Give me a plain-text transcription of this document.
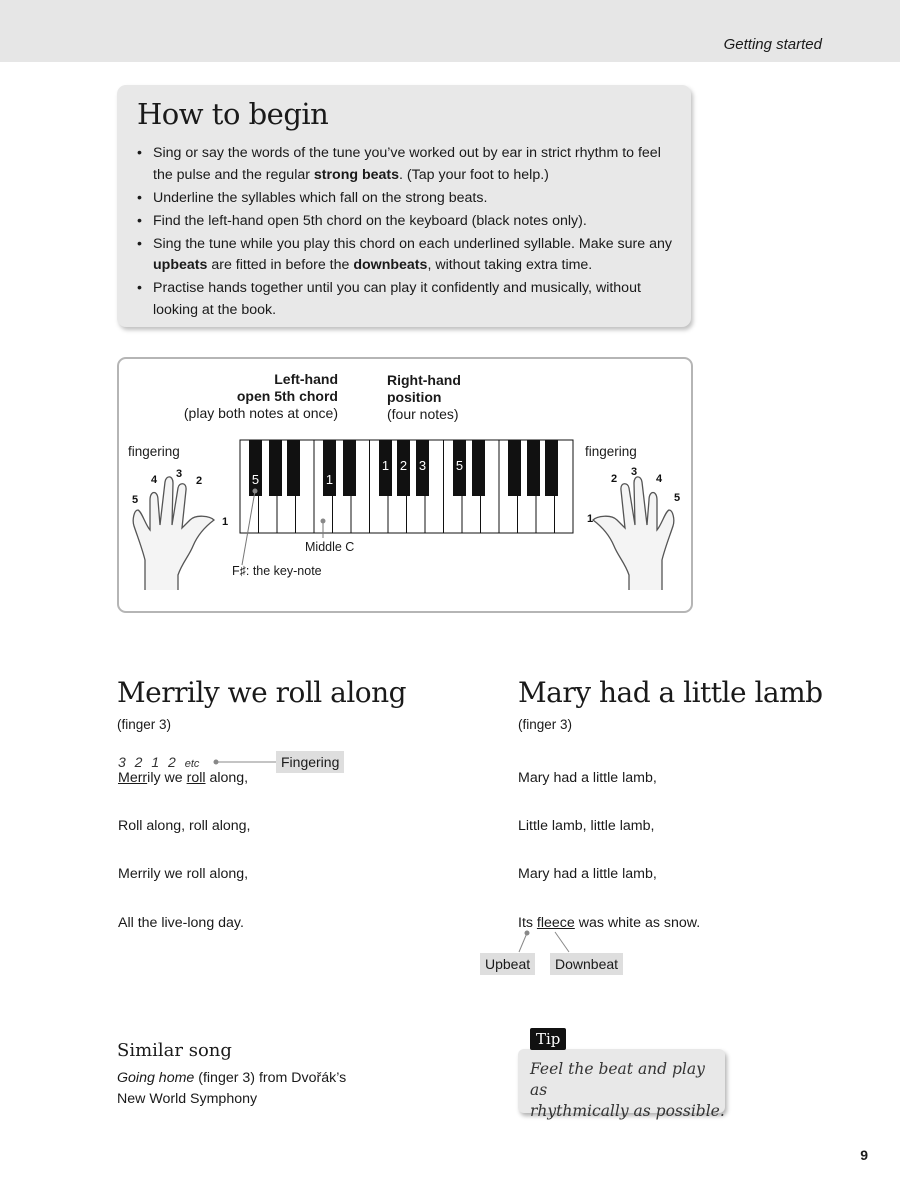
Getting started
How to begin
• Sing or say the words of the tune you’ve worked out by ear in strict rhythm to feel the pulse and the regular strong beats. (Tap your foot to help.)
• Underline the syllables which fall on the strong beats.
• Find the left-hand open 5th chord on the keyboard (black notes only).
• Sing the tune while you play this chord on each underlined syllable. Make sure any upbeats are fitted in before the downbeats, without taking extra time.
• Practise hands together until you can play it confidently and musically, without looking at the book.
Left-hand
open 5th chord
(play both notes at once)
Right-hand
position
(four notes)
fingering	fingering
5	1
1 2 3 5
5
4 3
2
1	1
2
3
4
5
Middle C
F♯: the key-note
Merrily we roll along
(finger 3)
3 2 1 2 etc	Fingering
Merrily we roll along,
Roll along, roll along,
Merrily we roll along,
All the live-long day.
Mary had a little lamb
(finger 3)
Mary had a little lamb,
Little lamb, little lamb,
Mary had a little lamb,
Its fleece was white as snow.
Upbeat	Downbeat
Similar song
Going home (finger 3) from Dvořák’s
New World Symphony
Feel the beat and play as
rhythmically as possible.
Tip
9
